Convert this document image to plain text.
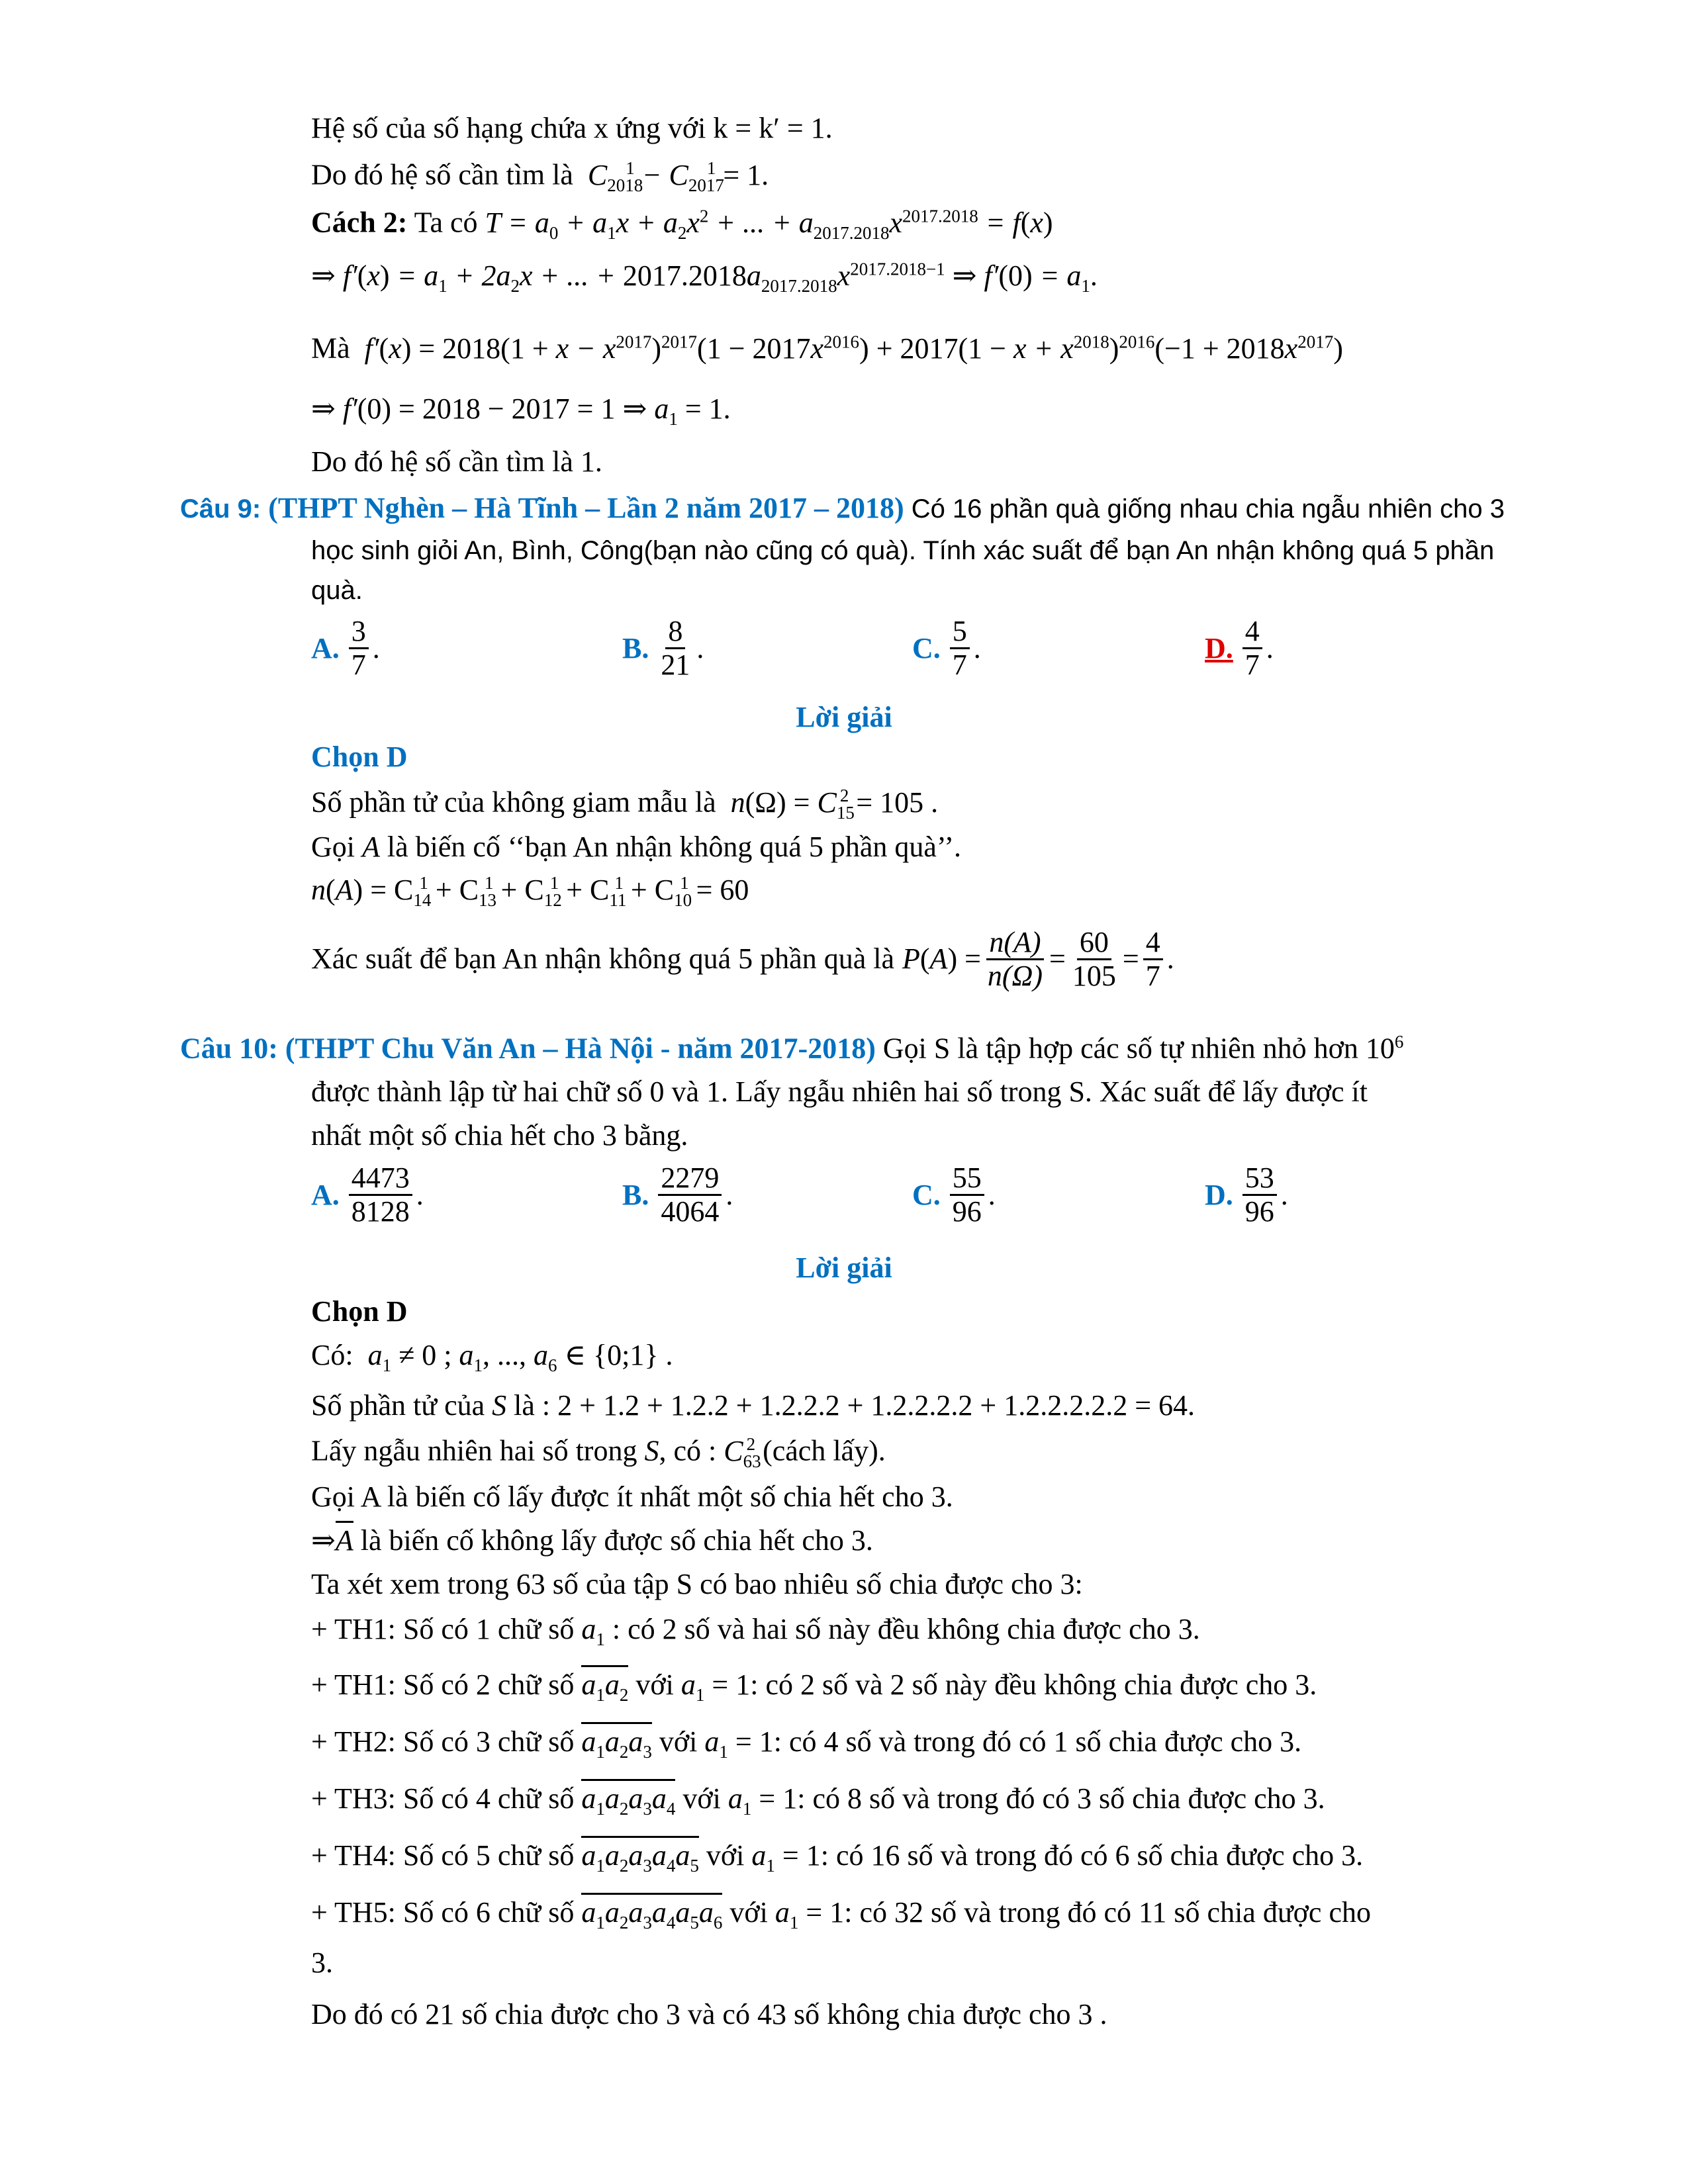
Hệ số của số hạng chứa x ứng với k = k′ = 1.
Do đó hệ số cần tìm là $C_{2018}^1 - C_{2017}^1 = 1$.
Cách 2: Ta có $T = a_0 + a_1x + a_2x^2$ + ... + $a_{2017.2018}x^{2017.2018} = f(x)$
⇒ $f'(x) = a_1 + 2a_2x$ + ... + $2017.2018a_{2017.2018}x^{2017.2018-1}$ ⇒ $f'(0) = a_1$.
Mà  $f'(x) = 2018(1 + x - x^{2017})^{2017}(1 - 2017x^{2016}) + 2017(1 - x + x^{2018})^{2016}(-1 + 2018x^{2017})$
⇒ f′(0) = 2018 − 2017 = 1 ⇒ $a_1 = 1$.
Do đó hệ số cần tìm là 1.
Câu 9: (THPT Nghèn – Hà Tĩnh – Lần 2 năm 2017 – 2018) Có 16 phần quà giống nhau chia ngẫu nhiên cho 3
học sinh giỏi An, Bình, Công(bạn nào cũng có quà). Tính xác suất để bạn An nhận không quá 5 phần
quà.
A. $\frac{3}{7}$ .	B. $\frac{8}{21}$ .	C. $\frac{5}{7}$ .	D. $\frac{4}{7}$ .
Lời giải
Chọn D
Số phần tử của không giam mẫu là  $n(\Omega) = C_{15}^2 = 105$ .
Gọi A là biến cố ‘‘bạn An nhận không quá 5 phần quà’’.
$n(A) = C_{14}^1 + C_{13}^1 + C_{12}^1 + C_{11}^1 + C_{10}^1 = 60$
Xác suất để bạn An nhận không quá 5 phần quà là $P(A) = \frac{n(A)}{n(\Omega)} = \frac{60}{105} = \frac{4}{7}$ .
Câu 10: (THPT Chu Văn An – Hà Nội - năm 2017-2018) Gọi S là tập hợp các số tự nhiên nhỏ hơn $10^6$
được thành lập từ hai chữ số 0 và 1. Lấy ngẫu nhiên hai số trong S. Xác suất để lấy được ít
nhất một số chia hết cho 3 bằng.
A. $\frac{4473}{8128}$ .	B. $\frac{2279}{4064}$ .	C. $\frac{55}{96}$ .	D. $\frac{53}{96}$ .
Lời giải
Chọn D
Có:  $a_1 \ne 0$ ; $a_1$, ..., $a_6$ ∈ {0;1} .
Số phần tử của S là : 2 + 1.2 + 1.2.2 + 1.2.2.2 + 1.2.2.2.2 + 1.2.2.2.2.2 = 64.
Lấy ngẫu nhiên hai số trong S, có : $C_{63}^2$ (cách lấy).
Gọi A là biến cố lấy được ít nhất một số chia hết cho 3.
⇒A là biến cố không lấy được số chia hết cho 3.
Ta xét xem trong 63 số của tập S có bao nhiêu số chia được cho 3:
+ TH1: Số có 1 chữ số $a_1$ : có 2 số và hai số này đều không chia được cho 3.
+ TH1: Số có 2 chữ số $a_1a_2$ với $a_1 = 1$: có 2 số và 2 số này đều không chia được cho 3.
+ TH2: Số có 3 chữ số $a_1a_2a_3$ với $a_1 = 1$: có 4 số và trong đó có 1 số chia được cho 3.
+ TH3: Số có 4 chữ số $a_1a_2a_3a_4$ với $a_1 = 1$: có 8 số và trong đó có 3 số chia được cho 3.
+ TH4: Số có 5 chữ số $a_1a_2a_3a_4a_5$ với $a_1 = 1$: có 16 số và trong đó có 6 số chia được cho 3.
+ TH5: Số có 6 chữ số $a_1a_2a_3a_4a_5a_6$ với $a_1 = 1$: có 32 số và trong đó có 11 số chia được cho
3.
Do đó có 21 số chia được cho 3 và có 43 số không chia được cho 3 .
